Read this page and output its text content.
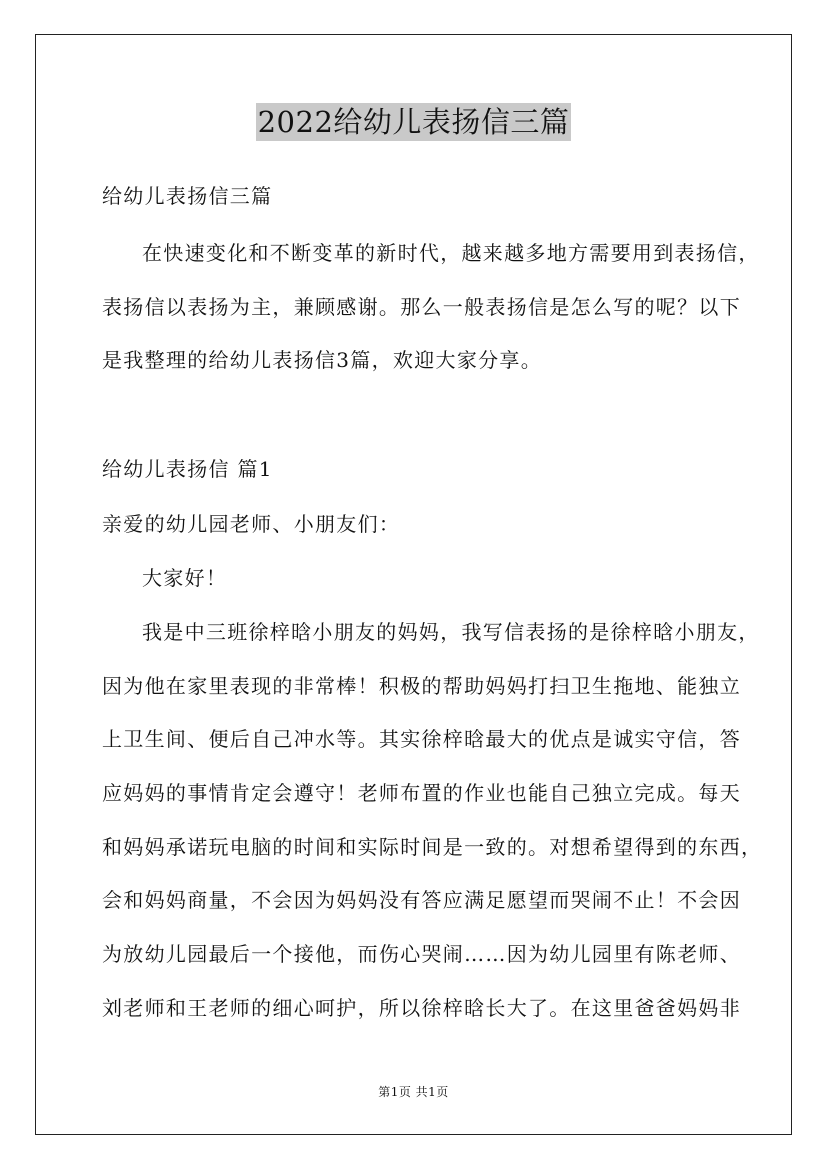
2022给幼儿表扬信三篇
给幼儿表扬信三篇
在快速变化和不断变革的新时代，越来越多地方需要用到表扬信，
表扬信以表扬为主，兼顾感谢。那么一般表扬信是怎么写的呢？以下
是我整理的给幼儿表扬信3篇，欢迎大家分享。
给幼儿表扬信 篇1
亲爱的幼儿园老师、小朋友们：
大家好！
我是中三班徐梓晗小朋友的妈妈，我写信表扬的是徐梓晗小朋友，
因为他在家里表现的非常棒！积极的帮助妈妈打扫卫生拖地、能独立
上卫生间、便后自己冲水等。其实徐梓晗最大的优点是诚实守信，答
应妈妈的事情肯定会遵守！老师布置的作业也能自己独立完成。每天
和妈妈承诺玩电脑的时间和实际时间是一致的。对想希望得到的东西，
会和妈妈商量，不会因为妈妈没有答应满足愿望而哭闹不止！不会因
为放幼儿园最后一个接他，而伤心哭闹……因为幼儿园里有陈老师、
刘老师和王老师的细心呵护，所以徐梓晗长大了。在这里爸爸妈妈非
第1页 共1页
